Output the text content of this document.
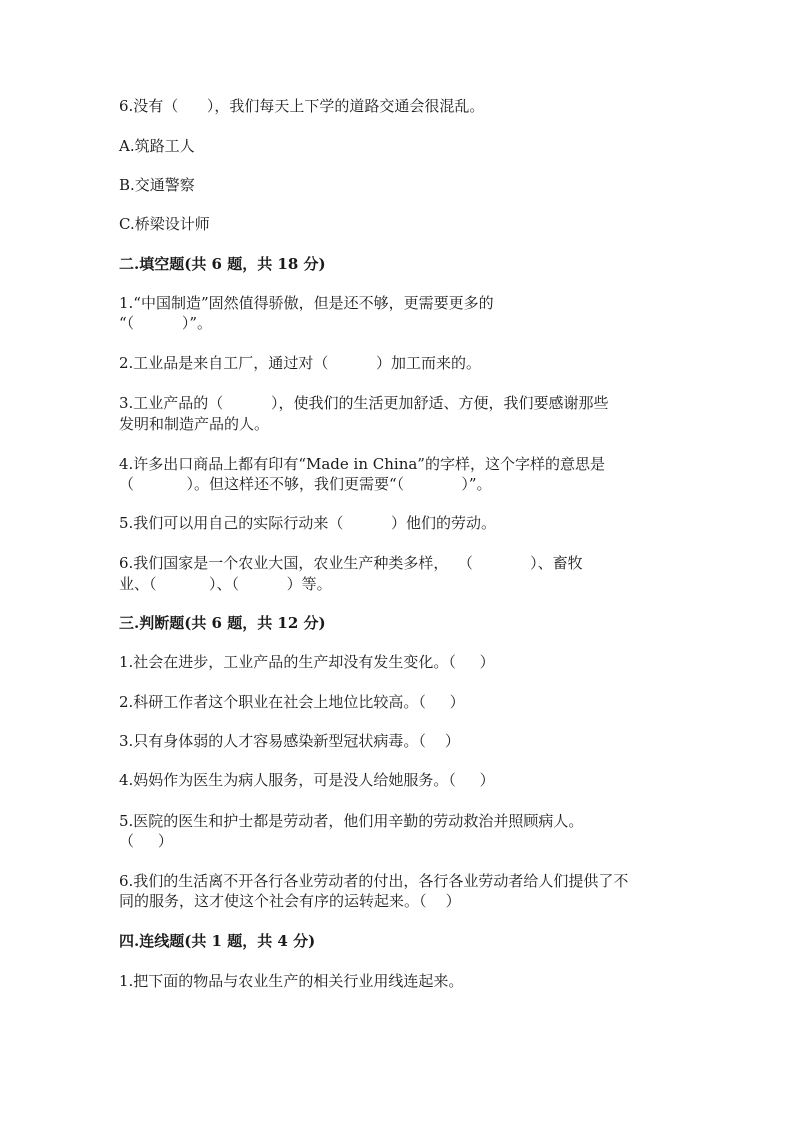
6.没有（      ），我们每天上下学的道路交通会很混乱。
A.筑路工人
B.交通警察
C.桥梁设计师
二.填空题(共 6 题，共 18 分)
1.“中国制造”固然值得骄傲，但是还不够，更需要更多的
“（          ）”。
2.工业品是来自工厂，通过对（          ）加工而来的。
3.工业产品的（          ），使我们的生活更加舒适、方便，我们要感谢那些
发明和制造产品的人。
4.许多出口商品上都有印有“Made in China”的字样，这个字样的意思是
（           ）。但这样还不够，我们更需要“（            ）”。
5.我们可以用自己的实际行动来（          ）他们的劳动。
6.我们国家是一个农业大国，农业生产种类多样，  （            ）、畜牧
业、（           ）、（          ）等。
三.判断题(共 6 题，共 12 分)
1.社会在进步，工业产品的生产却没有发生变化。（     ）
2.科研工作者这个职业在社会上地位比较高。（     ）
3.只有身体弱的人才容易感染新型冠状病毒。（    ）
4.妈妈作为医生为病人服务，可是没人给她服务。（     ）
5.医院的医生和护士都是劳动者，他们用辛勤的劳动救治并照顾病人。
（     ）
6.我们的生活离不开各行各业劳动者的付出，各行各业劳动者给人们提供了不
同的服务，这才使这个社会有序的运转起来。（    ）
四.连线题(共 1 题，共 4 分)
1.把下面的物品与农业生产的相关行业用线连起来。
